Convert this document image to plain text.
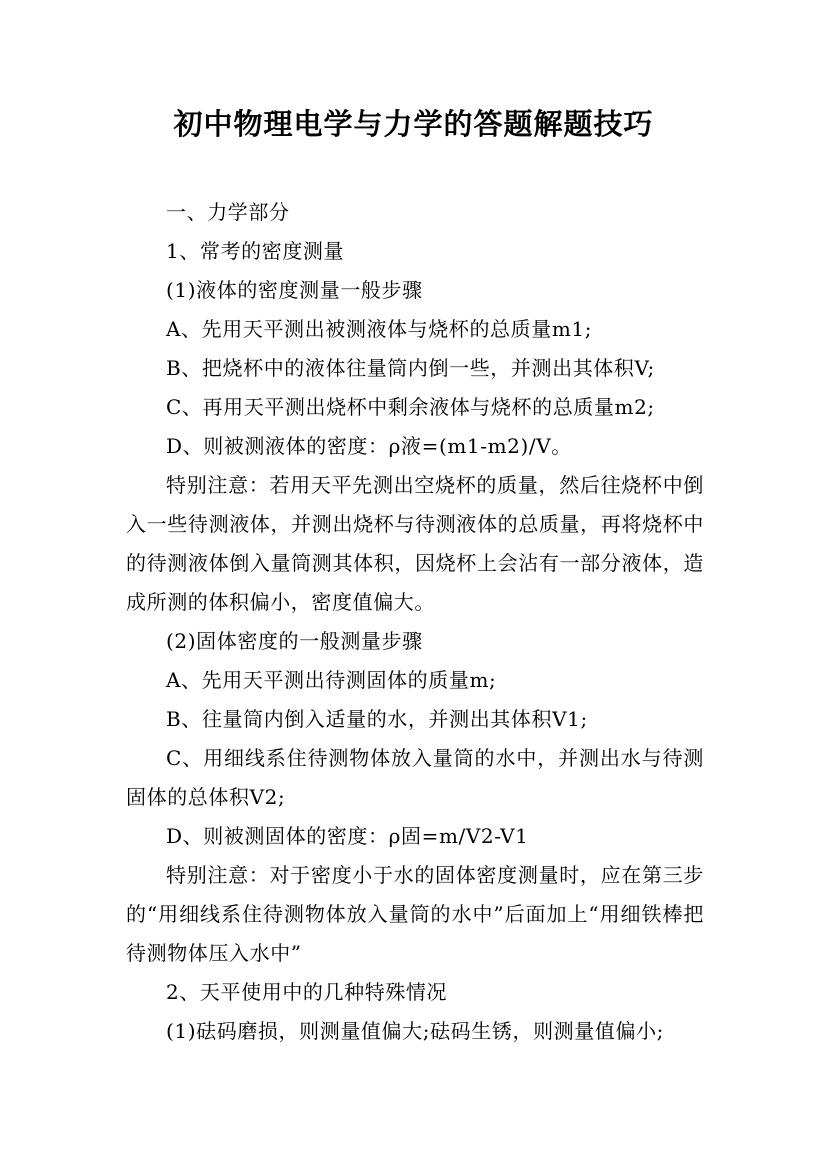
初中物理电学与力学的答题解题技巧

一、力学部分

1、常考的密度测量

(1)液体的密度测量一般步骤

A、先用天平测出被测液体与烧杯的总质量m1;

B、把烧杯中的液体往量筒内倒一些，并测出其体积V;

C、再用天平测出烧杯中剩余液体与烧杯的总质量m2;

D、则被测液体的密度：ρ液=(m1-m2)/V。

特别注意：若用天平先测出空烧杯的质量，然后往烧杯中倒入一些待测液体，并测出烧杯与待测液体的总质量，再将烧杯中的待测液体倒入量筒测其体积，因烧杯上会沾有一部分液体，造成所测的体积偏小，密度值偏大。

(2)固体密度的一般测量步骤

A、先用天平测出待测固体的质量m;

B、往量筒内倒入适量的水，并测出其体积V1;

C、用细线系住待测物体放入量筒的水中，并测出水与待测固体的总体积V2;

D、则被测固体的密度：ρ固=m/V2-V1

特别注意：对于密度小于水的固体密度测量时，应在第三步的“用细线系住待测物体放入量筒的水中”后面加上“用细铁棒把待测物体压入水中”

2、天平使用中的几种特殊情况

(1)砝码磨损，则测量值偏大;砝码生锈，则测量值偏小;
